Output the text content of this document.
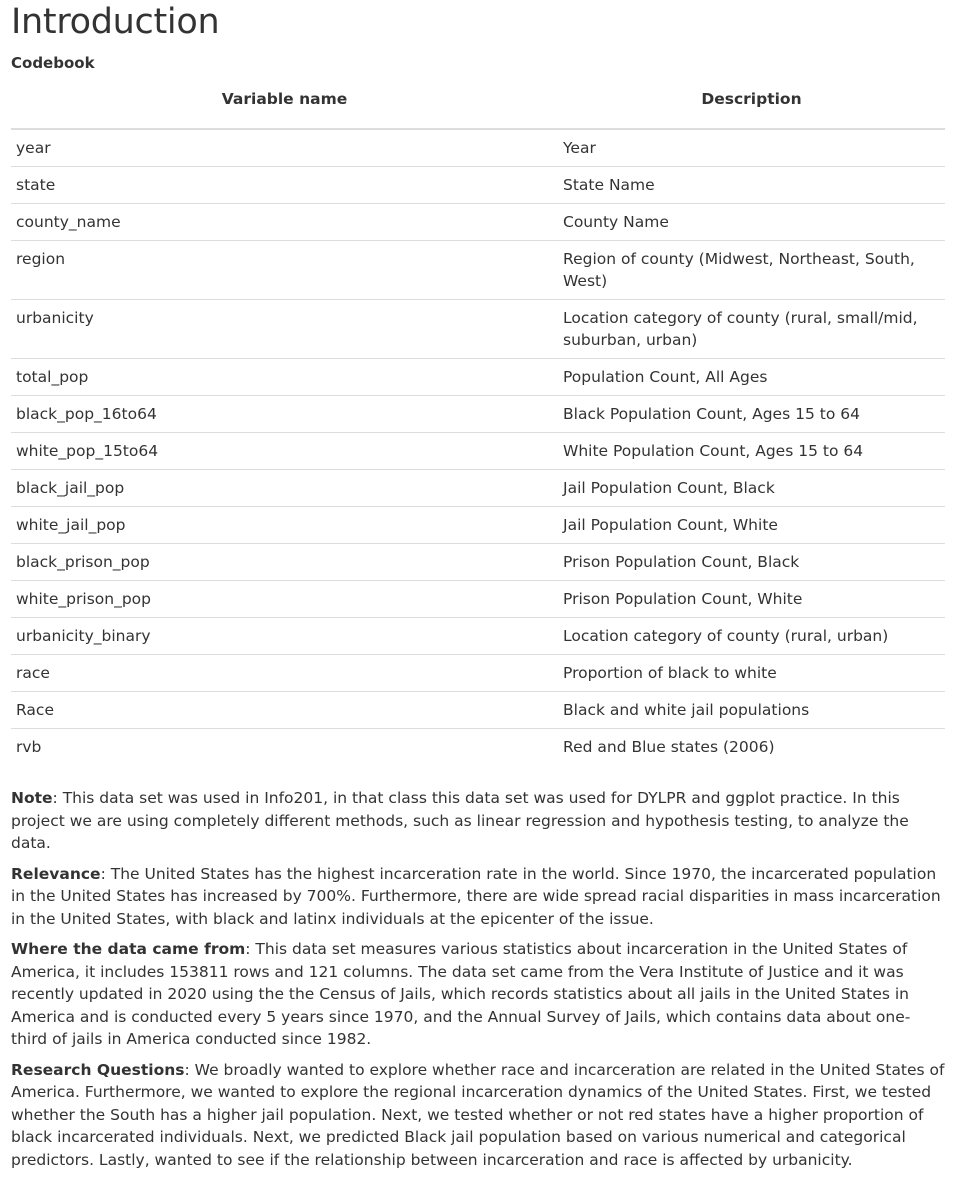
Introduction
Codebook
Variable name	Description
year	Year
state	State Name
county_name	County Name
region	Region of county (Midwest, Northeast, South, West)
urbanicity	Location category of county (rural, small/mid, suburban, urban)
total_pop	Population Count, All Ages
black_pop_16to64	Black Population Count, Ages 15 to 64
white_pop_15to64	White Population Count, Ages 15 to 64
black_jail_pop	Jail Population Count, Black
white_jail_pop	Jail Population Count, White
black_prison_pop	Prison Population Count, Black
white_prison_pop	Prison Population Count, White
urbanicity_binary	Location category of county (rural, urban)
race	Proportion of black to white
Race	Black and white jail populations
rvb	Red and Blue states (2006)

Note: This data set was used in Info201, in that class this data set was used for DYLPR and ggplot practice. In this project we are using completely different methods, such as linear regression and hypothesis testing, to analyze the data.

Relevance: The United States has the highest incarceration rate in the world. Since 1970, the incarcerated population in the United States has increased by 700%. Furthermore, there are wide spread racial disparities in mass incarceration in the United States, with black and latinx individuals at the epicenter of the issue.

Where the data came from: This data set measures various statistics about incarceration in the United States of America, it includes 153811 rows and 121 columns. The data set came from the Vera Institute of Justice and it was recently updated in 2020 using the the Census of Jails, which records statistics about all jails in the United States in America and is conducted every 5 years since 1970, and the Annual Survey of Jails, which contains data about one-third of jails in America conducted since 1982.

Research Questions: We broadly wanted to explore whether race and incarceration are related in the United States of America. Furthermore, we wanted to explore the regional incarceration dynamics of the United States. First, we tested whether the South has a higher jail population. Next, we tested whether or not red states have a higher proportion of black incarcerated individuals. Next, we predicted Black jail population based on various numerical and categorical predictors. Lastly, wanted to see if the relationship between incarceration and race is affected by urbanicity.
